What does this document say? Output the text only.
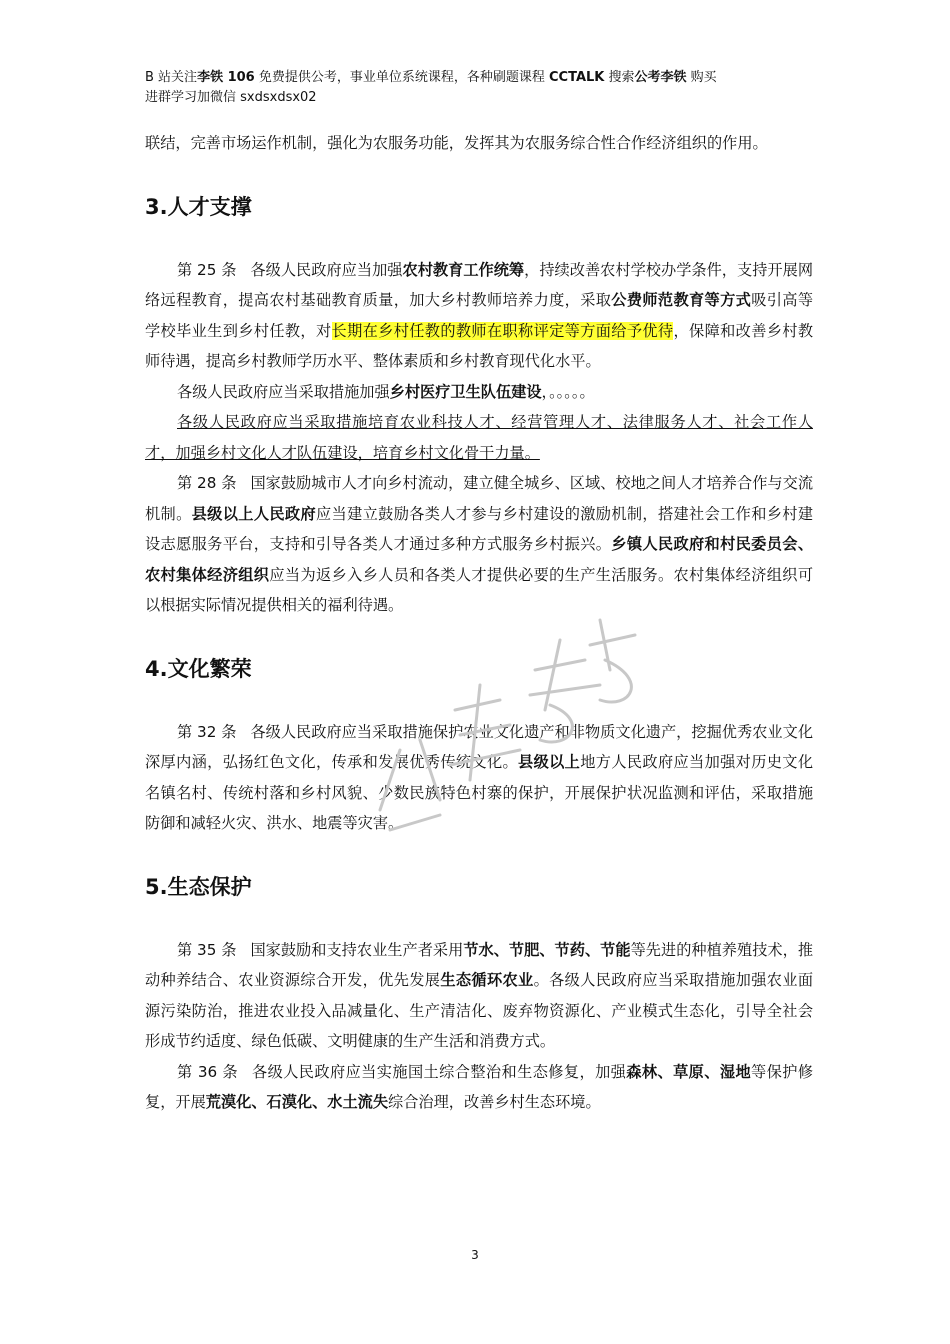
B 站关注李铁 106 免费提供公考，事业单位系统课程，各种刷题课程 CCTALK 搜索公考李铁 购买
进群学习加微信 sxdsxdsx02

联结，完善市场运作机制，强化为农服务功能，发挥其为农服务综合性合作经济组织的作用。

3.人才支撑

第 25 条 各级人民政府应当加强农村教育工作统筹，持续改善农村学校办学条件，支持开展网络远程教育，提高农村基础教育质量，加大乡村教师培养力度，采取公费师范教育等方式吸引高等学校毕业生到乡村任教，对长期在乡村任教的教师在职称评定等方面给予优待，保障和改善乡村教师待遇，提高乡村教师学历水平、整体素质和乡村教育现代化水平。

各级人民政府应当采取措施加强乡村医疗卫生队伍建设，。。。。。

各级人民政府应当采取措施培育农业科技人才、经营管理人才、法律服务人才、社会工作人才，加强乡村文化人才队伍建设，培育乡村文化骨干力量。

第 28 条 国家鼓励城市人才向乡村流动，建立健全城乡、区域、校地之间人才培养合作与交流机制。县级以上人民政府应当建立鼓励各类人才参与乡村建设的激励机制，搭建社会工作和乡村建设志愿服务平台，支持和引导各类人才通过多种方式服务乡村振兴。乡镇人民政府和村民委员会、农村集体经济组织应当为返乡入乡人员和各类人才提供必要的生产生活服务。农村集体经济组织可以根据实际情况提供相关的福利待遇。

4.文化繁荣

第 32 条 各级人民政府应当采取措施保护农业文化遗产和非物质文化遗产，挖掘优秀农业文化深厚内涵，弘扬红色文化，传承和发展优秀传统文化。县级以上地方人民政府应当加强对历史文化名镇名村、传统村落和乡村风貌、少数民族特色村寨的保护，开展保护状况监测和评估，采取措施防御和减轻火灾、洪水、地震等灾害。

5.生态保护

第 35 条 国家鼓励和支持农业生产者采用节水、节肥、节药、节能等先进的种植养殖技术，推动种养结合、农业资源综合开发，优先发展生态循环农业。各级人民政府应当采取措施加强农业面源污染防治，推进农业投入品减量化、生产清洁化、废弃物资源化、产业模式生态化，引导全社会形成节约适度、绿色低碳、文明健康的生产生活和消费方式。

第 36 条 各级人民政府应当实施国土综合整治和生态修复，加强森林、草原、湿地等保护修复，开展荒漠化、石漠化、水土流失综合治理，改善乡村生态环境。

3
